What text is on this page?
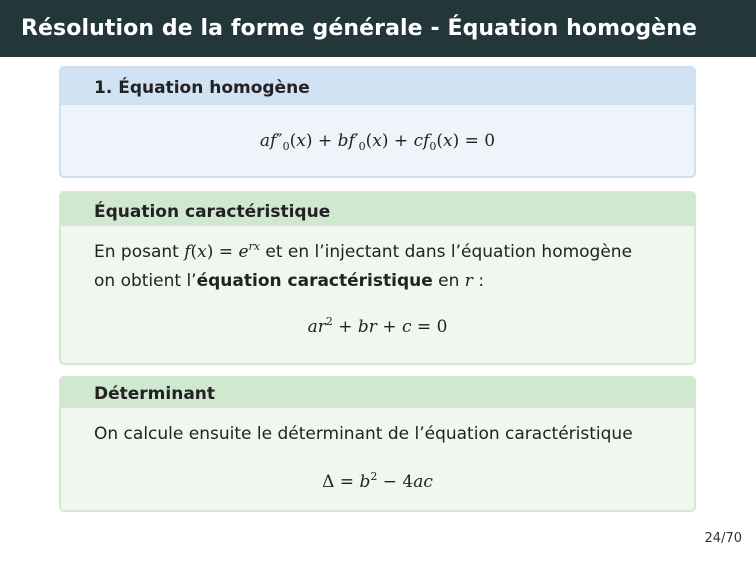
Résolution de la forme générale - Équation homogène
1. Équation homogène
$af''_0(x) + bf'_0(x) + cf_0(x) = 0$
Équation caractéristique
En posant $f(x) = e^{rx}$ et en l’injectant dans l’équation homogène
on obtient l’équation caractéristique en r :
$ar^2$ + br + c = 0
Déterminant
On calcule ensuite le déterminant de l’équation caractéristique
$\Delta = b^2 - 4ac$
24/70
